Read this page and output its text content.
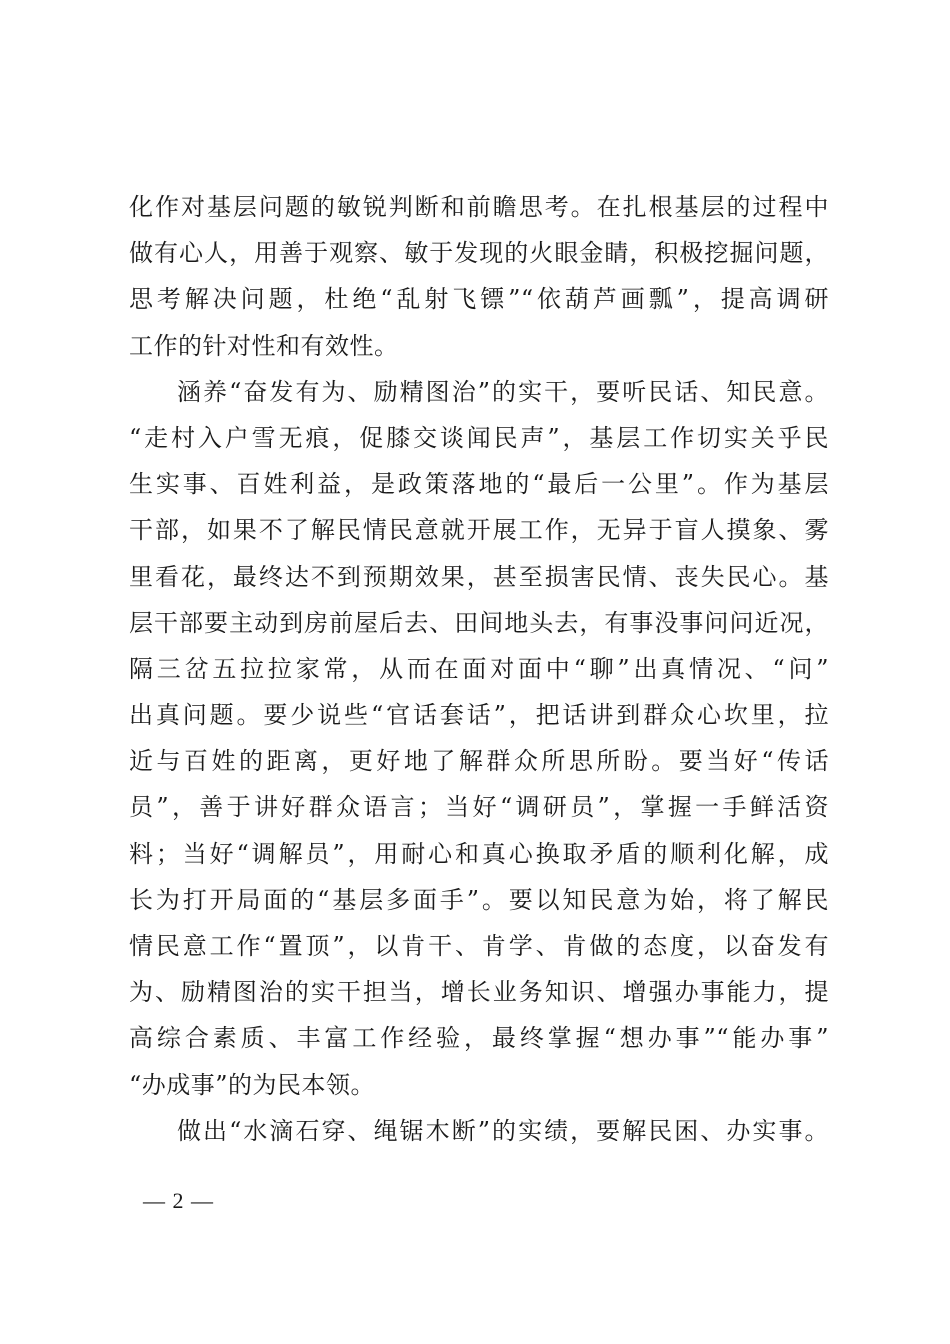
化作对基层问题的敏锐判断和前瞻思考。在扎根基层的过程中
做有心人，用善于观察、敏于发现的火眼金睛，积极挖掘问题，
思考解决问题，杜绝“乱射飞镖”“依葫芦画瓢”，提高调研
工作的针对性和有效性。
涵养“奋发有为、励精图治”的实干，要听民话、知民意。
“走村入户雪无痕，促膝交谈闻民声”，基层工作切实关乎民
生实事、百姓利益，是政策落地的“最后一公里”。作为基层
干部，如果不了解民情民意就开展工作，无异于盲人摸象、雾
里看花，最终达不到预期效果，甚至损害民情、丧失民心。基
层干部要主动到房前屋后去、田间地头去，有事没事问问近况，
隔三岔五拉拉家常，从而在面对面中“聊”出真情况、“问”
出真问题。要少说些“官话套话”，把话讲到群众心坎里，拉
近与百姓的距离，更好地了解群众所思所盼。要当好“传话
员”，善于讲好群众语言；当好“调研员”，掌握一手鲜活资
料；当好“调解员”，用耐心和真心换取矛盾的顺利化解，成
长为打开局面的“基层多面手”。要以知民意为始，将了解民
情民意工作“置顶”，以肯干、肯学、肯做的态度，以奋发有
为、励精图治的实干担当，增长业务知识、增强办事能力，提
高综合素质、丰富工作经验，最终掌握“想办事”“能办事”
“办成事”的为民本领。
做出“水滴石穿、绳锯木断”的实绩，要解民困、办实事。
— 2 —
